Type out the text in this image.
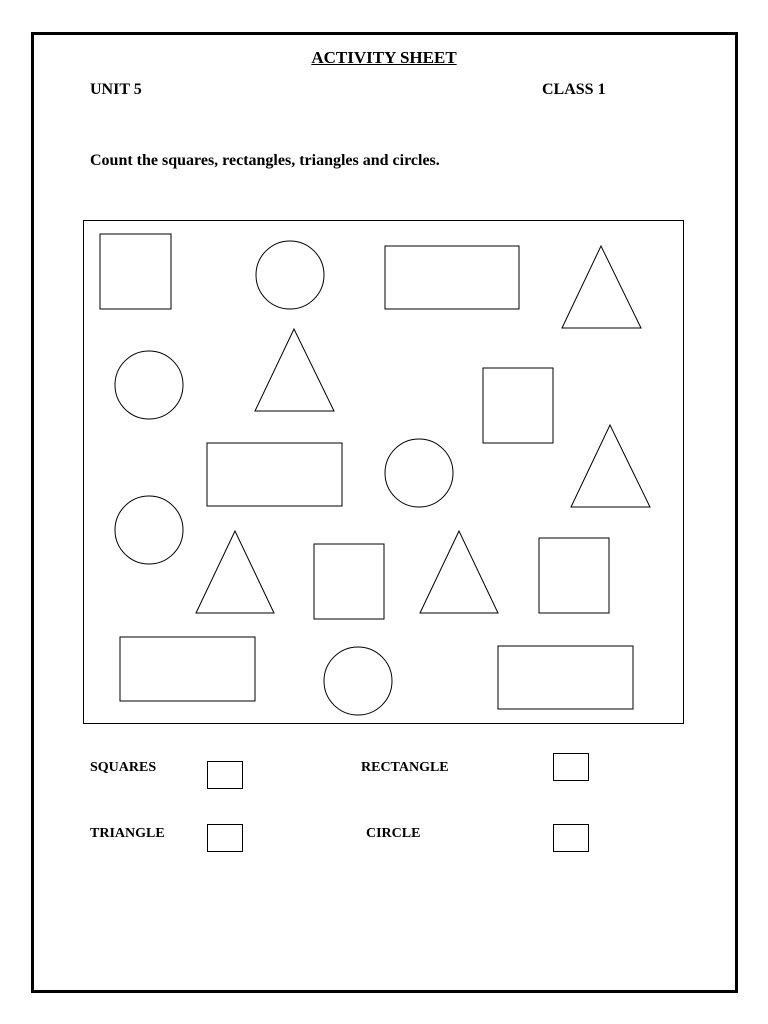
ACTIVITY SHEET
UNIT 5	CLASS 1
Count the squares, rectangles, triangles and circles.
SQUARES	RECTANGLE
TRIANGLE	CIRCLE
